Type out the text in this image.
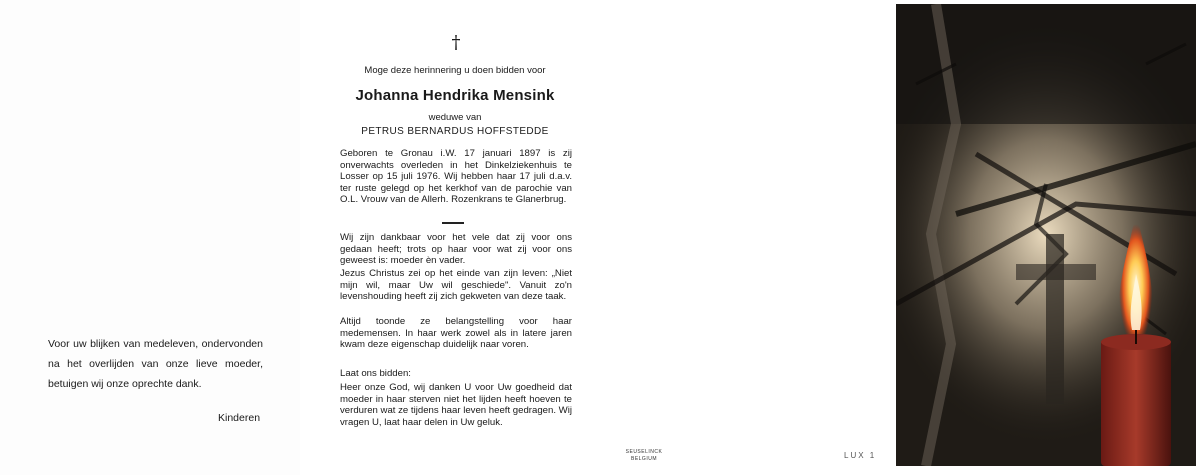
Voor uw blijken van medeleven, ondervonden na het overlijden van onze lieve moeder, betuigen wij onze oprechte dank.
Kinderen
†
Moge deze herinnering u doen bidden voor
Johanna Hendrika Mensink
weduwe van
PETRUS BERNARDUS HOFFSTEDDE
Geboren te Gronau i.W. 17 januari 1897 is zij onverwachts overleden in het Dinkelziekenhuis te Losser op 15 juli 1976. Wij hebben haar 17 juli d.a.v. ter ruste gelegd op het kerkhof van de parochie van O.L. Vrouw van de Allerh. Rozenkrans te Glanerbrug.
Wij zijn dankbaar voor het vele dat zij voor ons gedaan heeft; trots op haar voor wat zij voor ons geweest is: moeder èn vader.
Jezus Christus zei op het einde van zijn leven: „Niet mijn wil, maar Uw wil geschiede". Vanuit zo'n levenshouding heeft zij zich gekweten van deze taak.
Altijd toonde ze belangstelling voor haar medemensen. In haar werk zowel als in latere jaren kwam deze eigenschap duidelijk naar voren.
Laat ons bidden:
Heer onze God, wij danken U voor Uw goedheid dat moeder in haar sterven niet het lijden heeft hoeven te verduren wat ze tijdens haar leven heeft gedragen. Wij vragen U, laat haar delen in Uw geluk.
SEUSELINCK
BELGIUM	LUX 1
